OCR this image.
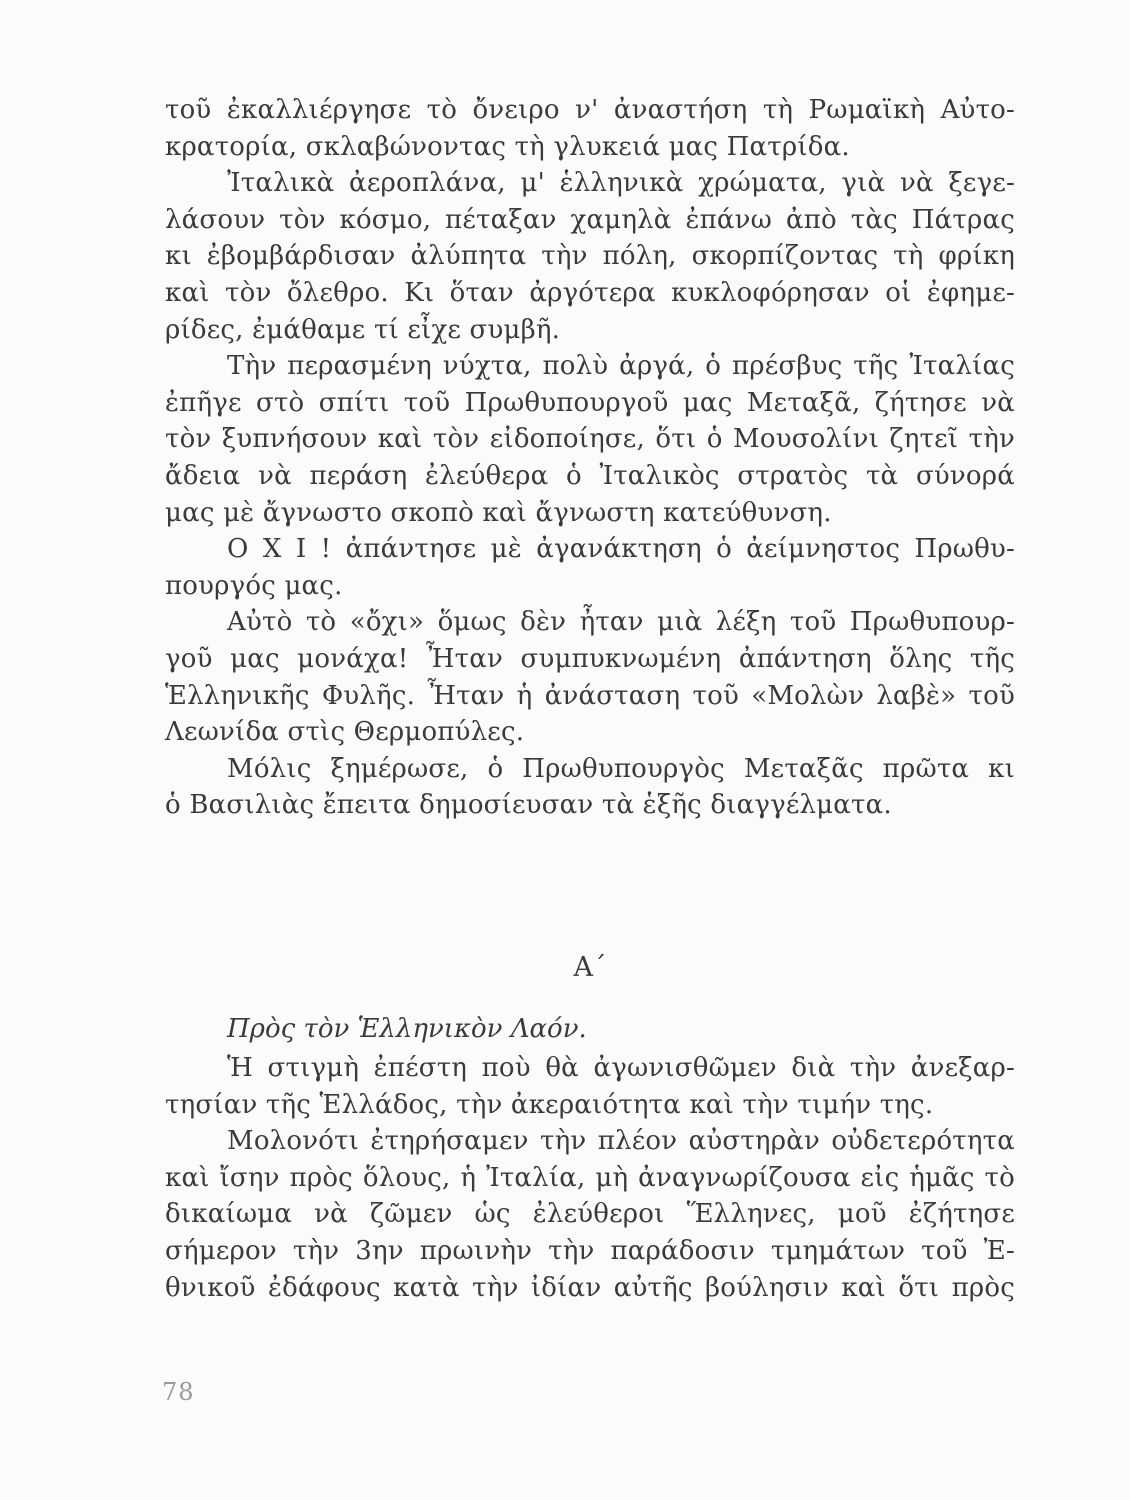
τοῦ ἐκαλλιέργησε τὸ ὄνειρο ν' ἀναστήση τὴ Ρωμαϊκὴ Αὐτο-
κρατορία, σκλαβώνοντας τὴ γλυκειά μας Πατρίδα.
Ἰταλικὰ ἀεροπλάνα, μ' ἑλληνικὰ χρώματα, γιὰ νὰ ξεγε-
λάσουν τὸν κόσμο, πέταξαν χαμηλὰ ἐπάνω ἀπὸ τὰς Πάτρας
κι ἐβομβάρδισαν ἀλύπητα τὴν πόλη, σκορπίζοντας τὴ φρίκη
καὶ τὸν ὄλεθρο. Κι ὅταν ἀργότερα κυκλοφόρησαν οἱ ἐφημε-
ρίδες, ἐμάθαμε τί εἶχε συμβῆ.
Τὴν περασμένη νύχτα, πολὺ ἀργά, ὁ πρέσβυς τῆς Ἰταλίας
ἐπῆγε στὸ σπίτι τοῦ Πρωθυπουργοῦ μας Μεταξᾶ, ζήτησε νὰ
τὸν ξυπνήσουν καὶ τὸν εἰδοποίησε, ὅτι ὁ Μουσολίνι ζητεῖ τὴν
ἄδεια νὰ περάση ἐλεύθερα ὁ Ἰταλικὸς στρατὸς τὰ σύνορά
μας μὲ ἄγνωστο σκοπὸ καὶ ἄγνωστη κατεύθυνση.
Ο Χ Ι ! ἀπάντησε μὲ ἀγανάκτηση ὁ ἀείμνηστος Πρωθυ-
πουργός μας.
Αὐτὸ τὸ «ὄχι» ὅμως δὲν ἦταν μιὰ λέξη τοῦ Πρωθυπουρ-
γοῦ μας μονάχα! Ἦταν συμπυκνωμένη ἀπάντηση ὅλης τῆς
Ἑλληνικῆς Φυλῆς. Ἦταν ἡ ἀνάσταση τοῦ «Μολὼν λαβὲ» τοῦ
Λεωνίδα στὶς Θερμοπύλες.
Μόλις ξημέρωσε, ὁ Πρωθυπουργὸς Μεταξᾶς πρῶτα κι
ὁ Βασιλιὰς ἔπειτα δημοσίευσαν τὰ ἑξῆς διαγγέλματα.
Α΄
Πρὸς τὸν Ἑλληνικὸν Λαόν.
Ἡ στιγμὴ ἐπέστη ποὺ θὰ ἀγωνισθῶμεν διὰ τὴν ἀνεξαρ-
τησίαν τῆς Ἑλλάδος, τὴν ἀκεραιότητα καὶ τὴν τιμήν της.
Μολονότι ἐτηρήσαμεν τὴν πλέον αὐστηρὰν οὐδετερότητα
καὶ ἴσην πρὸς ὅλους, ἡ Ἰταλία, μὴ ἀναγνωρίζουσα εἰς ἡμᾶς τὸ
δικαίωμα νὰ ζῶμεν ὡς ἐλεύθεροι Ἕλληνες, μοῦ ἐζήτησε
σήμερον τὴν 3ην πρωινὴν τὴν παράδοσιν τμημάτων τοῦ Ἐ-
θνικοῦ ἐδάφους κατὰ τὴν ἰδίαν αὐτῆς βούλησιν καὶ ὅτι πρὸς
78
